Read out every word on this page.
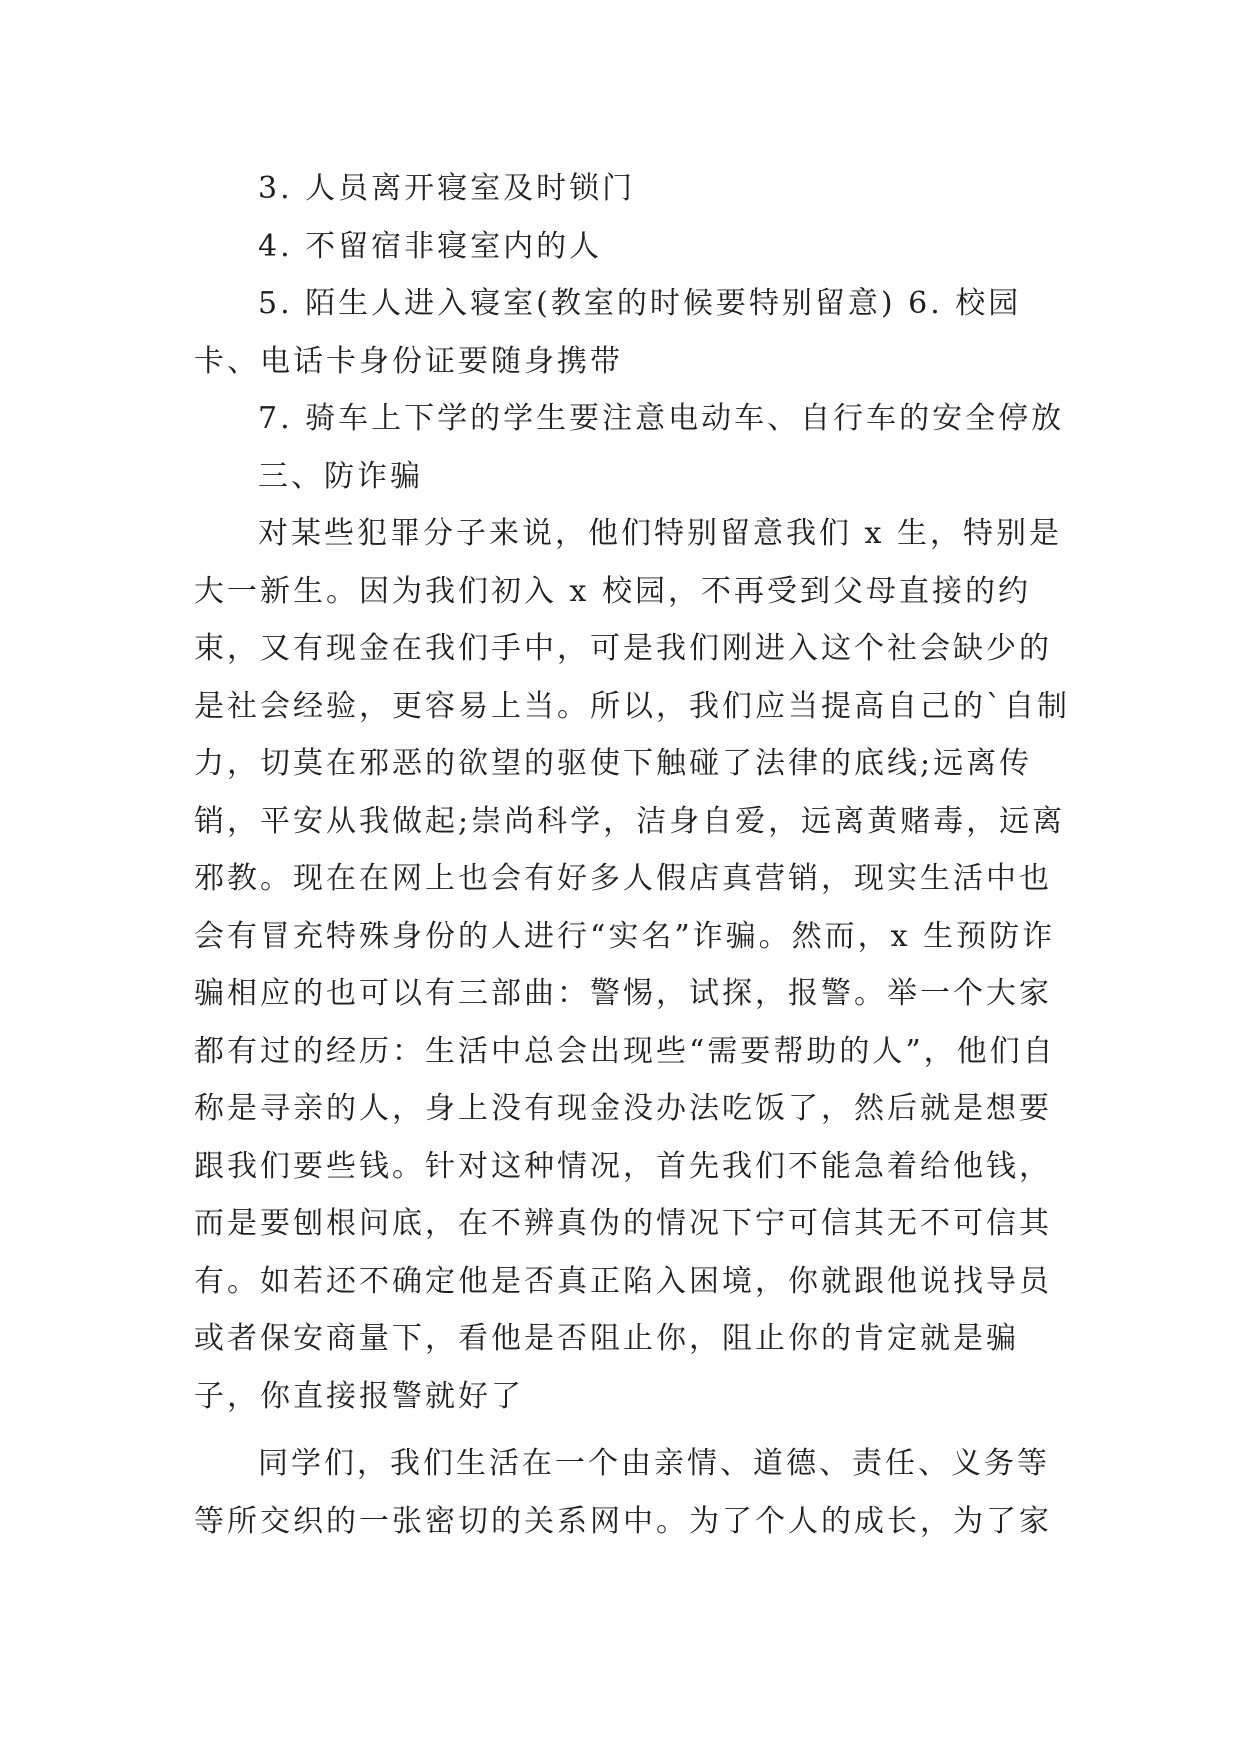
3. 人员离开寝室及时锁门

4. 不留宿非寝室内的人

5. 陌生人进入寝室(教室的时候要特别留意) 6. 校园卡、电话卡身份证要随身携带

7. 骑车上下学的学生要注意电动车、自行车的安全停放

三、防诈骗

对某些犯罪分子来说，他们特别留意我们 x 生，特别是大一新生。因为我们初入 x 校园，不再受到父母直接的约束，又有现金在我们手中，可是我们刚进入这个社会缺少的是社会经验，更容易上当。所以，我们应当提高自己的`自制力，切莫在邪恶的欲望的驱使下触碰了法律的底线;远离传销，平安从我做起;崇尚科学，洁身自爱，远离黄赌毒，远离邪教。现在在网上也会有好多人假店真营销，现实生活中也会有冒充特殊身份的人进行“实名”诈骗。然而，x 生预防诈骗相应的也可以有三部曲：警惕，试探，报警。举一个大家都有过的经历：生活中总会出现些“需要帮助的人”，他们自称是寻亲的人，身上没有现金没办法吃饭了，然后就是想要跟我们要些钱。针对这种情况，首先我们不能急着给他钱，而是要刨根问底，在不辨真伪的情况下宁可信其无不可信其有。如若还不确定他是否真正陷入困境，你就跟他说找导员或者保安商量下，看他是否阻止你，阻止你的肯定就是骗子，你直接报警就好了

同学们，我们生活在一个由亲情、道德、责任、义务等等所交织的一张密切的关系网中。为了个人的成长，为了家
